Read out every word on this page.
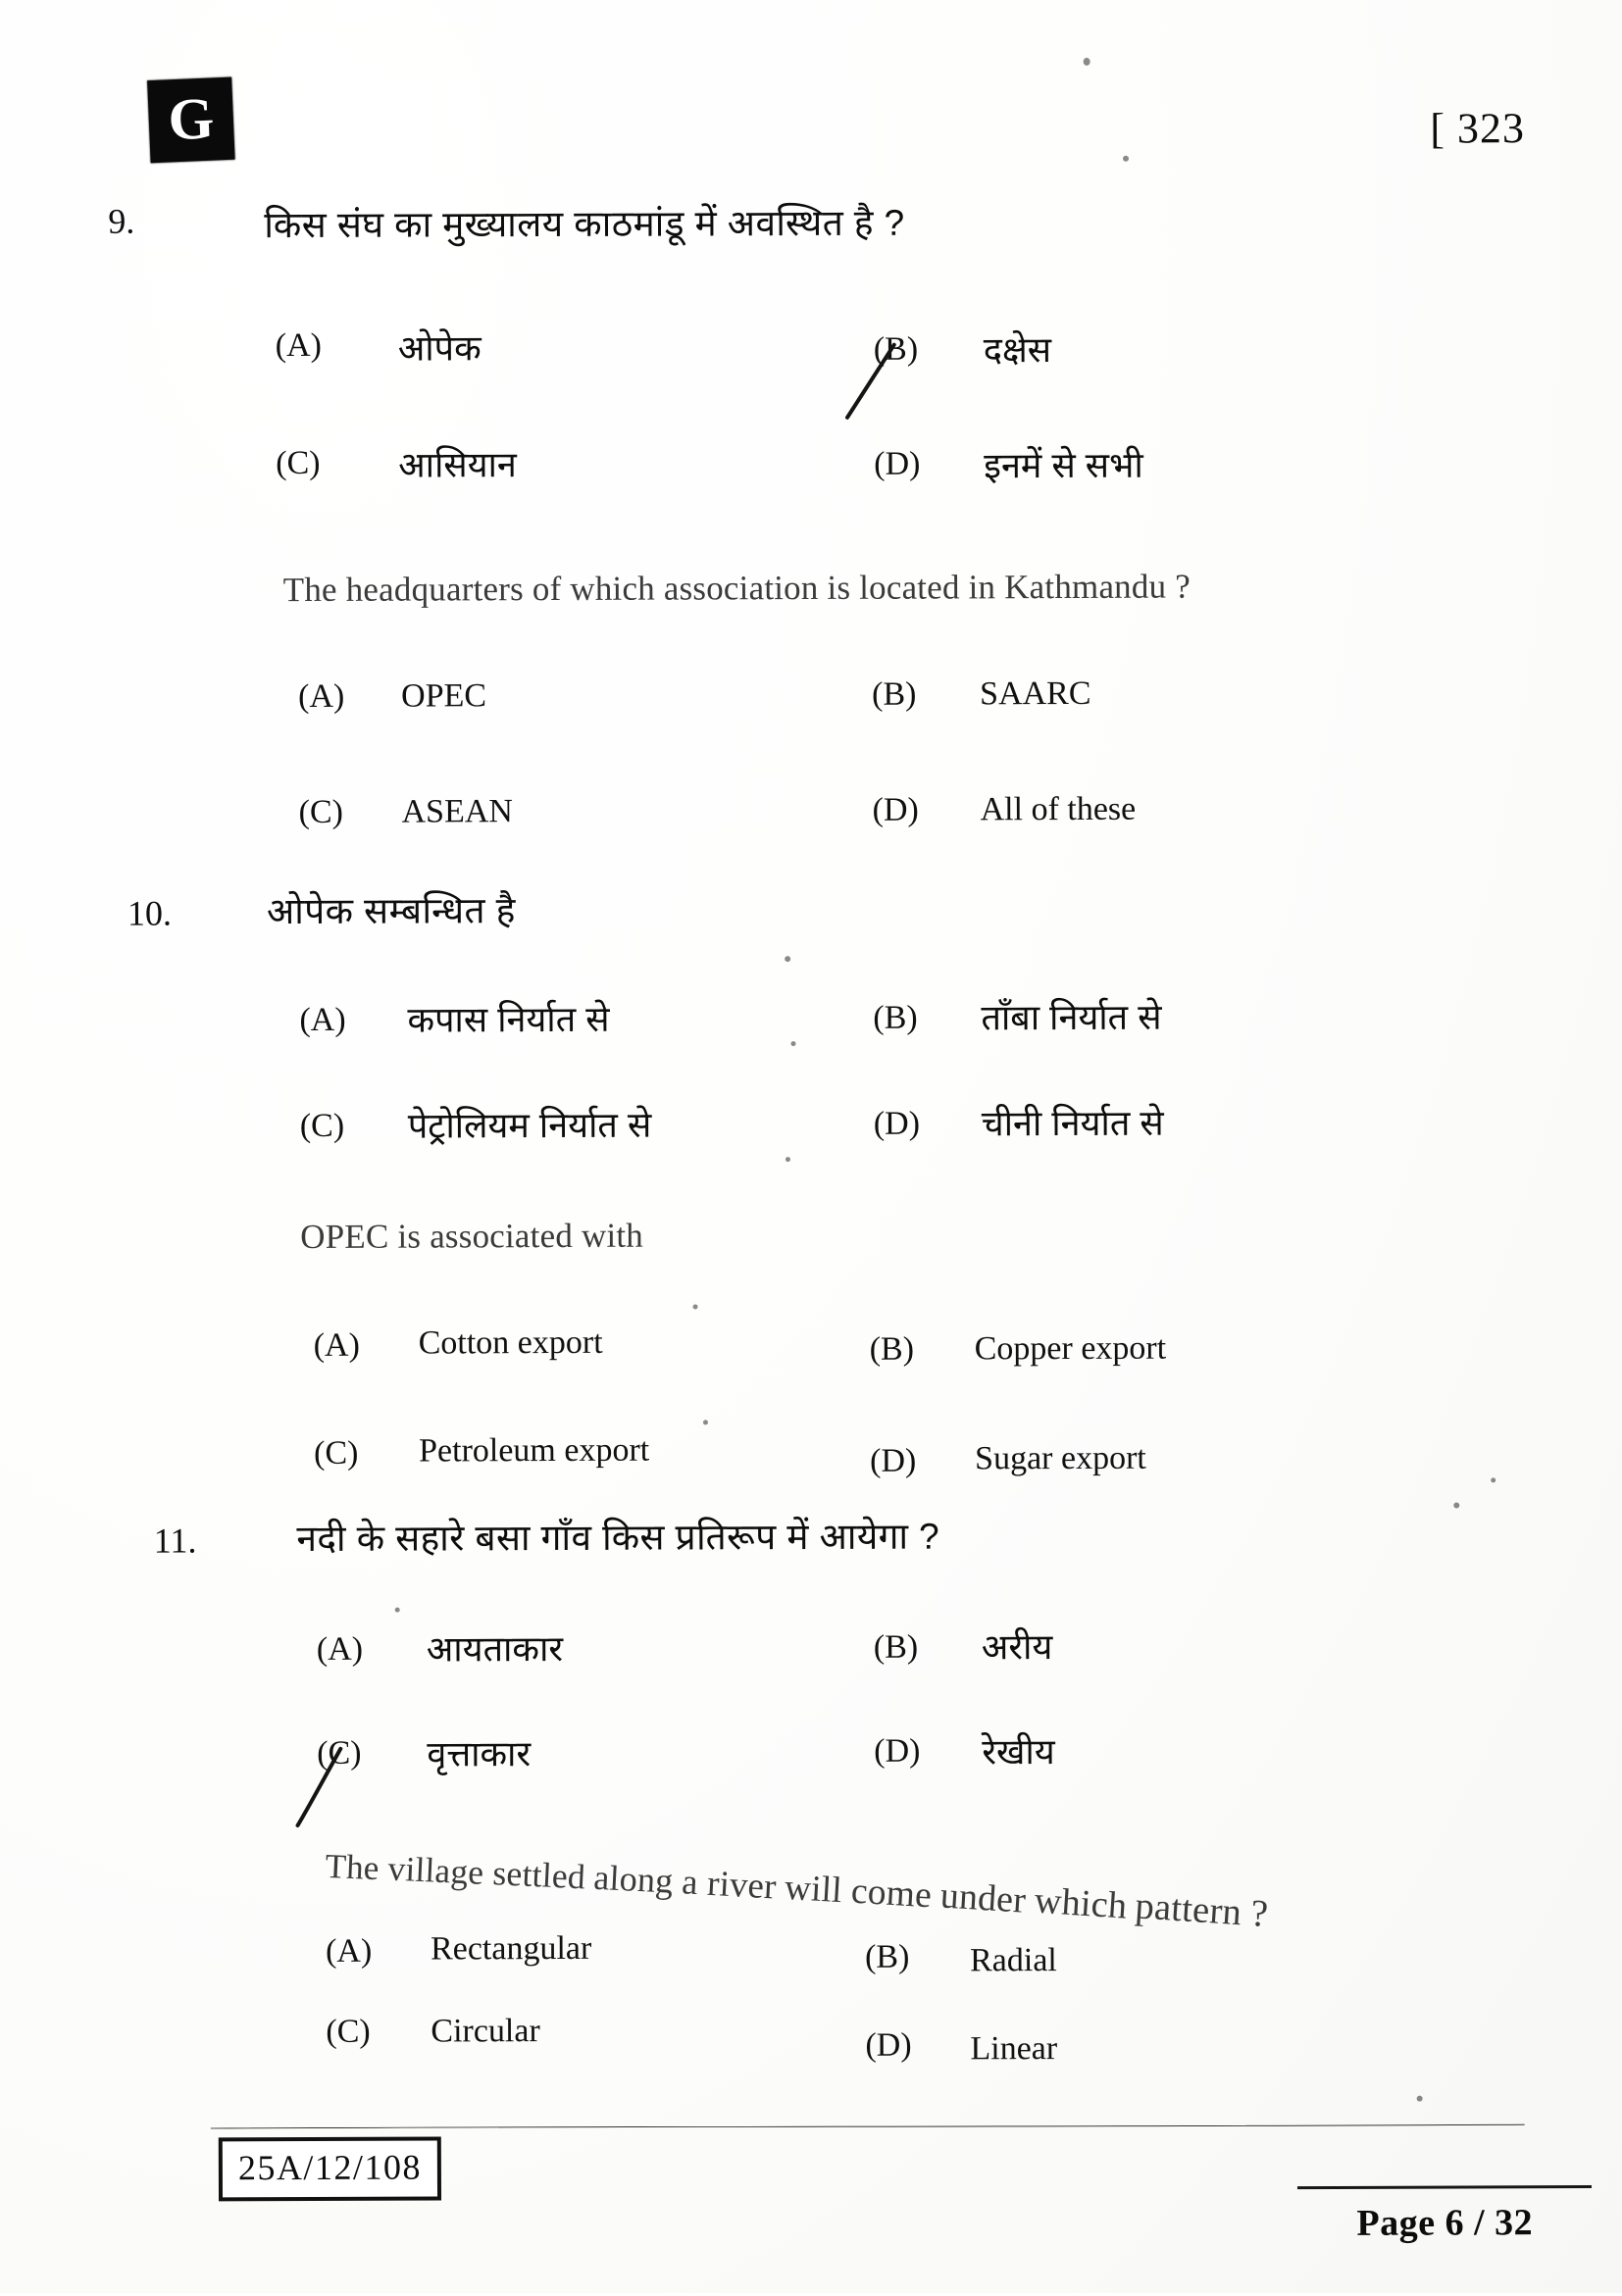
G	[ 323
9.	किस संघ का मुख्यालय काठमांडू में अवस्थित है ?
(A) ओपेक	(B) दक्षेस
(C) आसियान	(D) इनमें से सभी
The headquarters of which association is located in Kathmandu ?
(A) OPEC	(B) SAARC
(C) ASEAN	(D) All of these
10.	ओपेक सम्बन्धित है
(A) कपास निर्यात से	(B) ताँबा निर्यात से
(C) पेट्रोलियम निर्यात से	(D) चीनी निर्यात से
OPEC is associated with
(A) Cotton export	(B) Copper export
(C) Petroleum export	(D) Sugar export
11.	नदी के सहारे बसा गाँव किस प्रतिरूप में आयेगा ?
(A) आयताकार	(B) अरीय
(C) वृत्ताकार	(D) रेखीय
The village settled along a river will come under which pattern ?
(A) Rectangular	(B) Radial
(C) Circular	(D) Linear
25A/12/108
Page 6 / 32
